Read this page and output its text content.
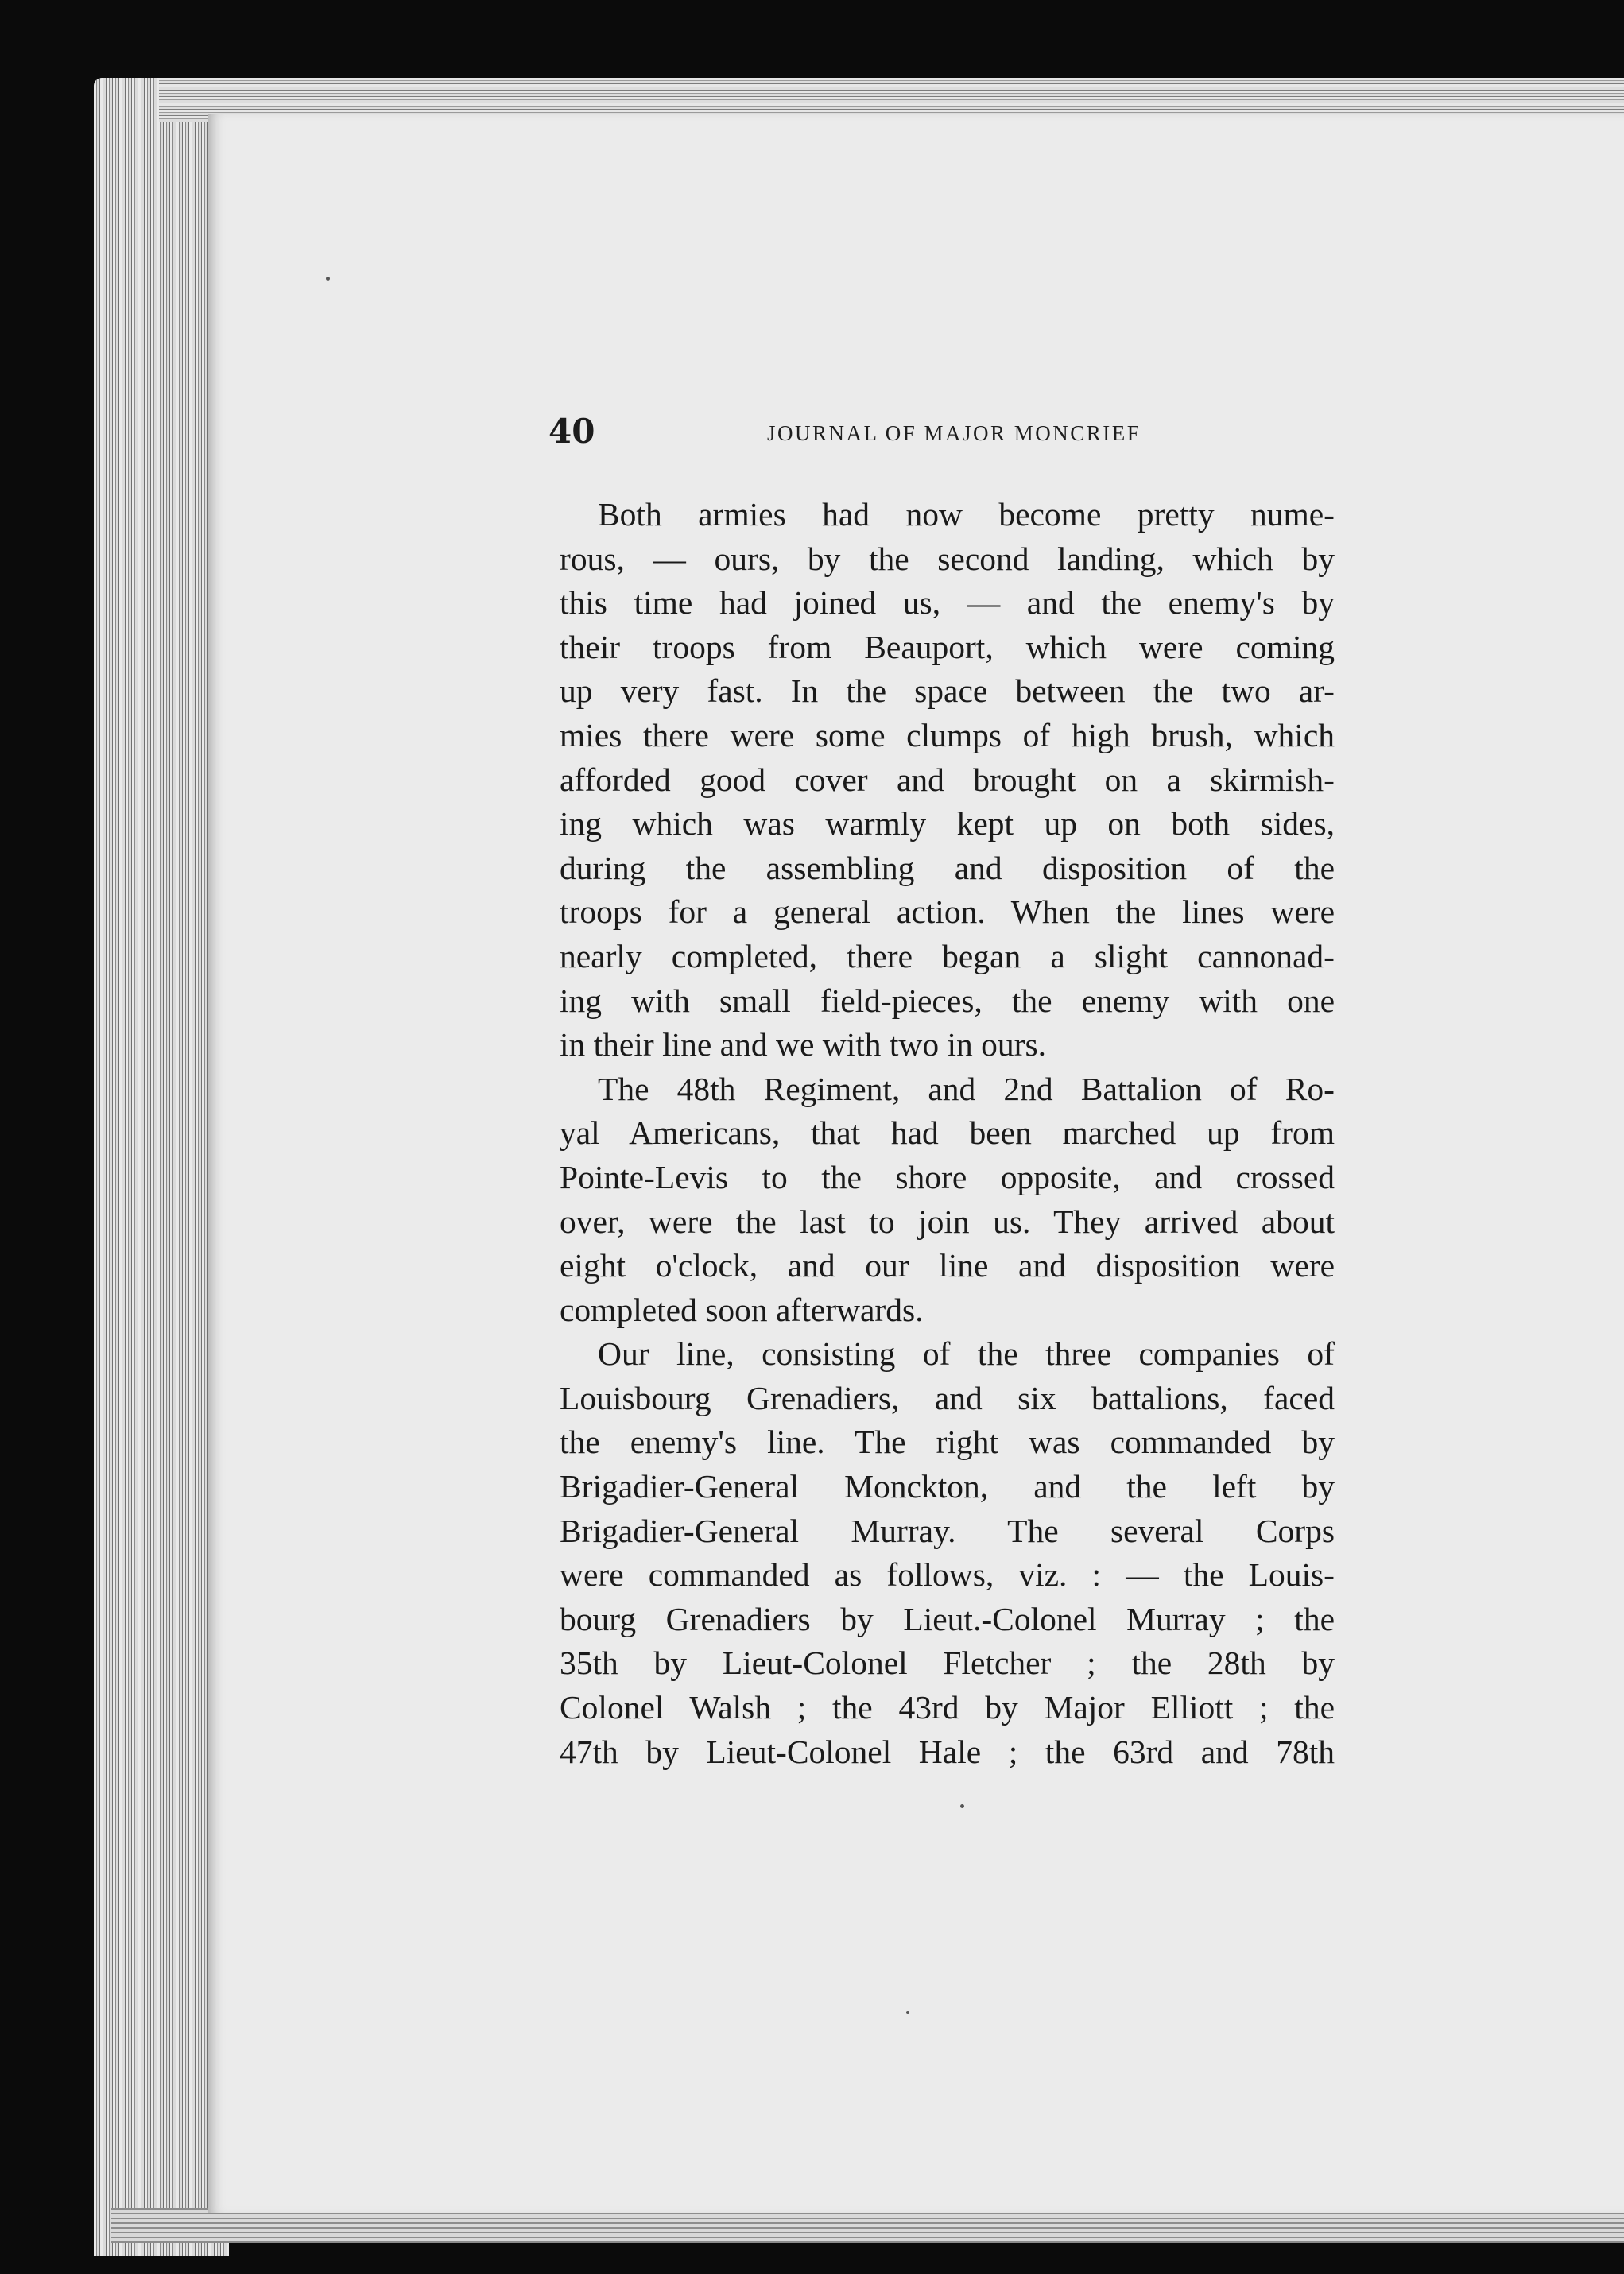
40	JOURNAL OF MAJOR MONCRIEF
Both armies had now become pretty nume-
rous, — ours, by the second landing, which by
this time had joined us, — and the enemy's by
their troops from Beauport, which were coming
up very fast. In the space between the two ar-
mies there were some clumps of high brush, which
afforded good cover and brought on a skirmish-
ing which was warmly kept up on both sides,
during the assembling and disposition of the
troops for a general action. When the lines were
nearly completed, there began a slight cannonad-
ing with small field-pieces, the enemy with one
in their line and we with two in ours.
The 48th Regiment, and 2nd Battalion of Ro-
yal Americans, that had been marched up from
Pointe-Levis to the shore opposite, and crossed
over, were the last to join us. They arrived about
eight o'clock, and our line and disposition were
completed soon afterwards.
Our line, consisting of the three companies of
Louisbourg Grenadiers, and six battalions, faced
the enemy's line. The right was commanded by
Brigadier-General Monckton, and the left by
Brigadier-General Murray. The several Corps
were commanded as follows, viz. : — the Louis-
bourg Grenadiers by Lieut.-Colonel Murray ; the
35th by Lieut-Colonel Fletcher ; the 28th by
Colonel Walsh ; the 43rd by Major Elliott ; the
47th by Lieut-Colonel Hale ; the 63rd and 78th
